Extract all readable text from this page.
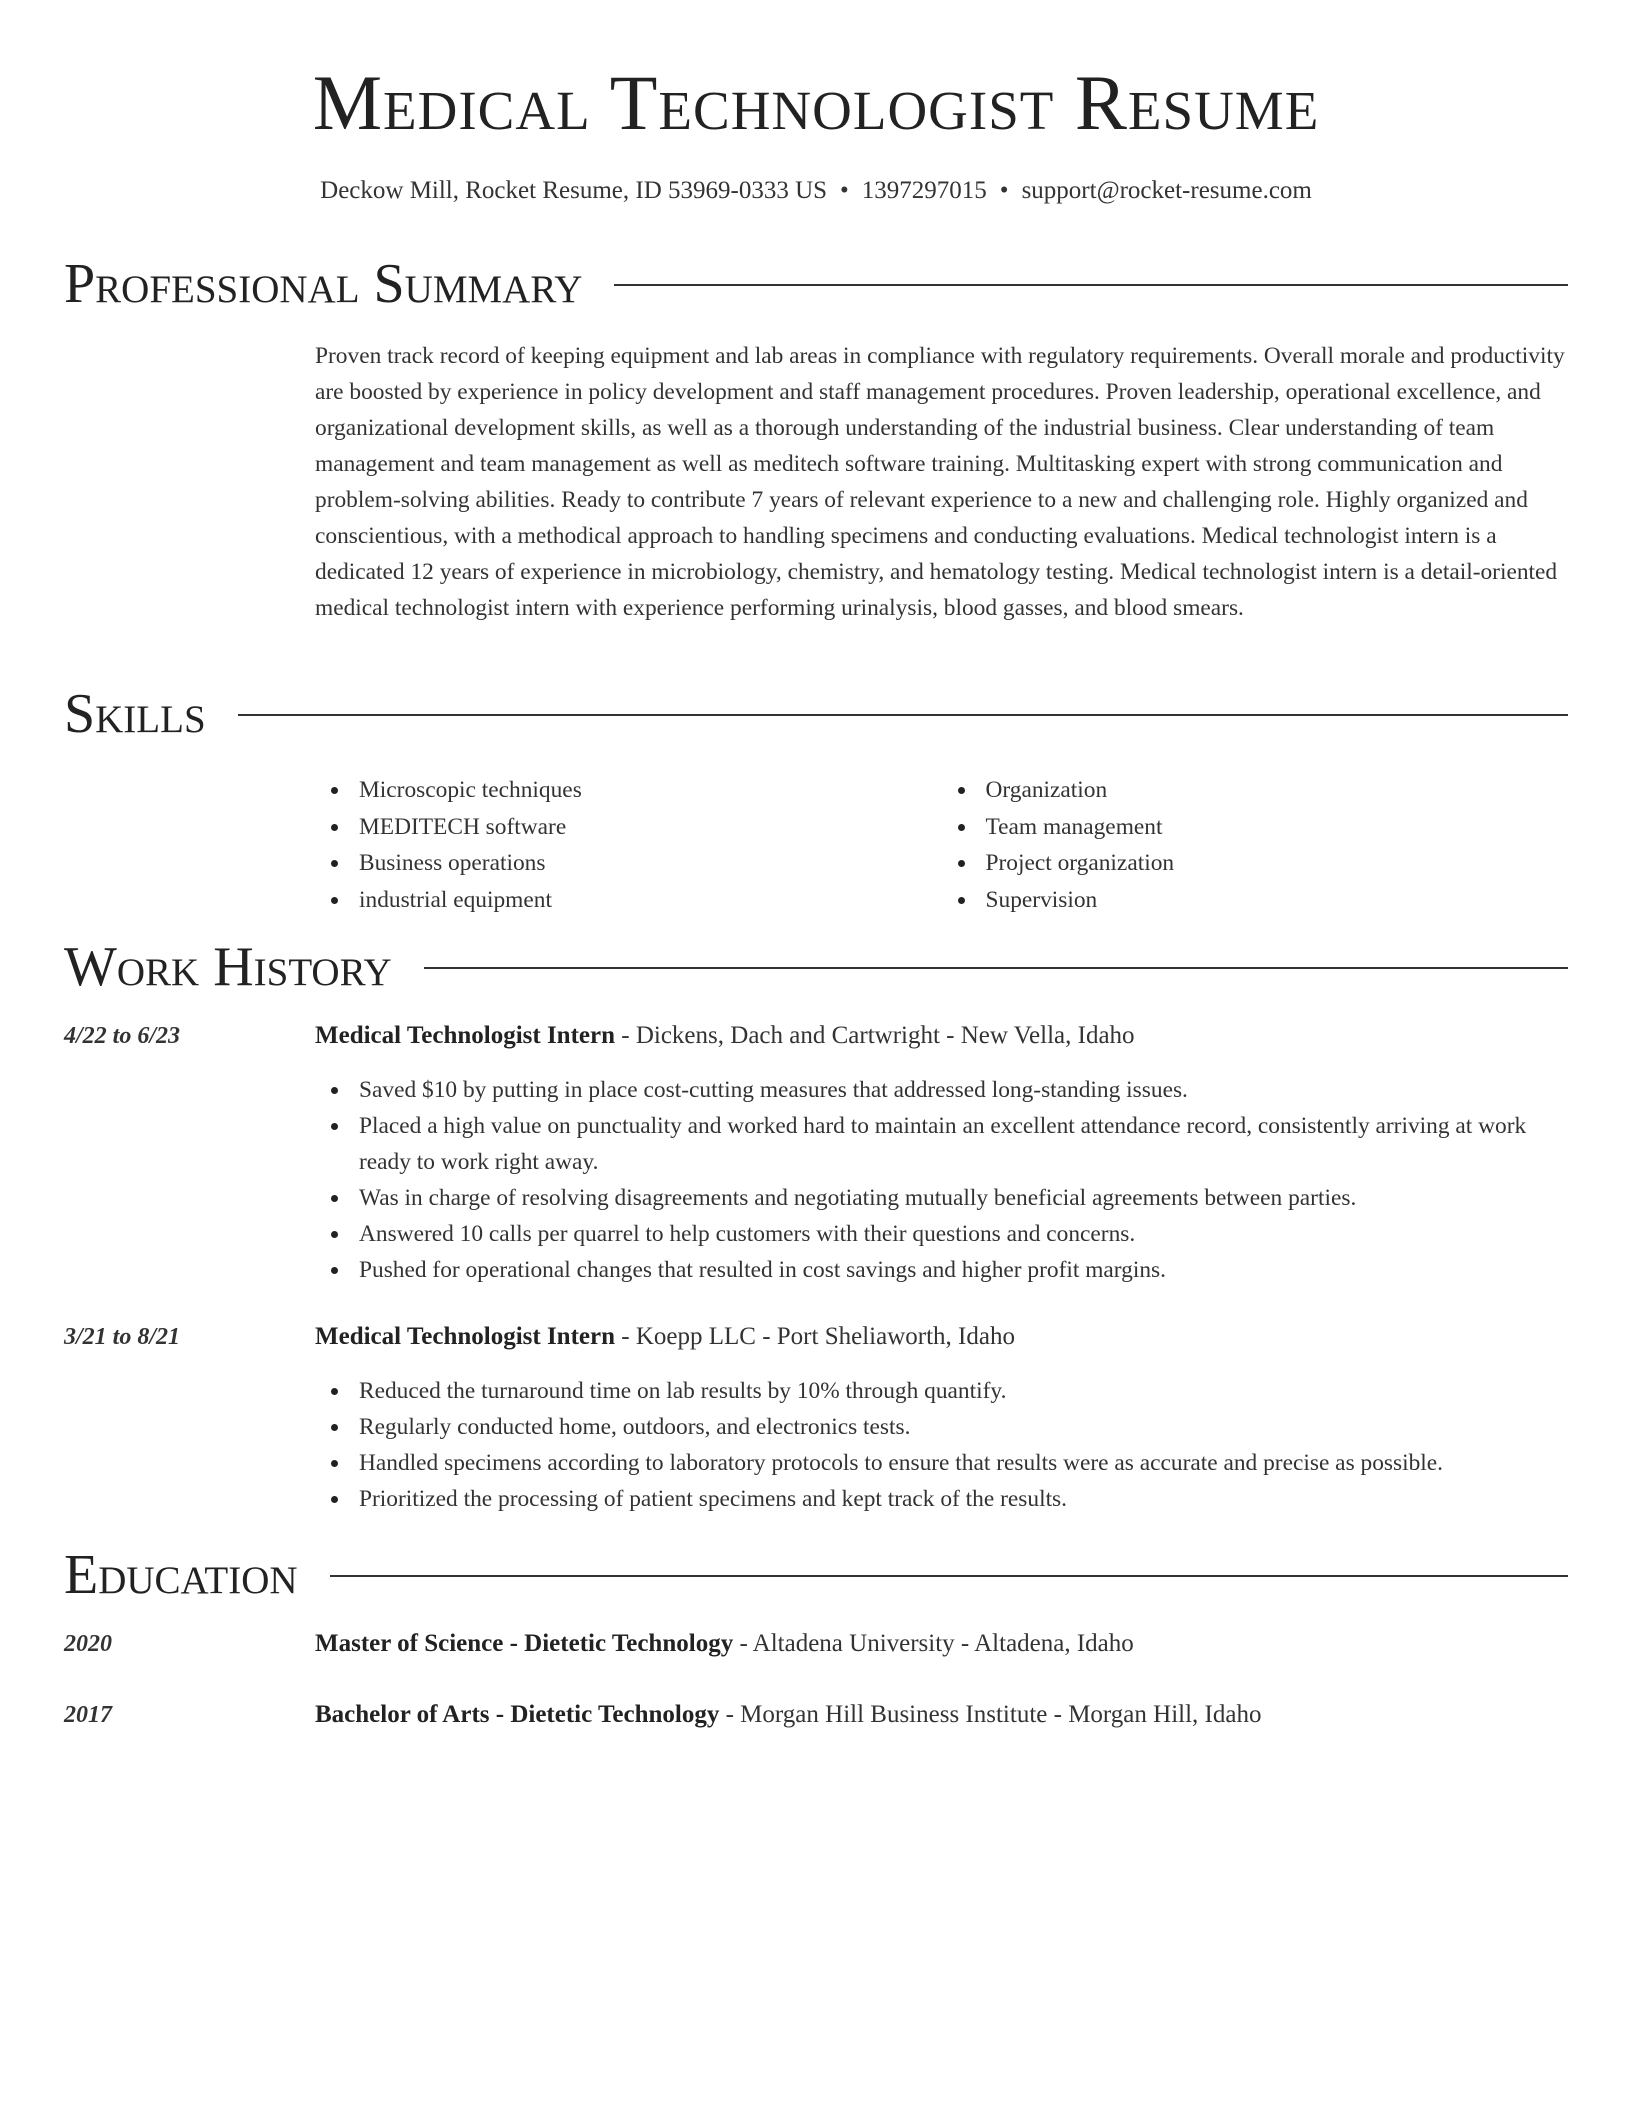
Medical Technologist Resume
Deckow Mill, Rocket Resume, ID 53969-0333 US • 1397297015 • support@rocket-resume.com
Professional Summary
Proven track record of keeping equipment and lab areas in compliance with regulatory requirements. Overall morale and productivity are boosted by experience in policy development and staff management procedures. Proven leadership, operational excellence, and organizational development skills, as well as a thorough understanding of the industrial business. Clear understanding of team management and team management as well as meditech software training. Multitasking expert with strong communication and problem-solving abilities. Ready to contribute 7 years of relevant experience to a new and challenging role. Highly organized and conscientious, with a methodical approach to handling specimens and conducting evaluations. Medical technologist intern is a dedicated 12 years of experience in microbiology, chemistry, and hematology testing. Medical technologist intern is a detail-oriented medical technologist intern with experience performing urinalysis, blood gasses, and blood smears.
Skills
Microscopic techniques
MEDITECH software
Business operations
industrial equipment
Organization
Team management
Project organization
Supervision
Work History
4/22 to 6/23	Medical Technologist Intern - Dickens, Dach and Cartwright - New Vella, Idaho
Saved $10 by putting in place cost-cutting measures that addressed long-standing issues.
Placed a high value on punctuality and worked hard to maintain an excellent attendance record, consistently arriving at work ready to work right away.
Was in charge of resolving disagreements and negotiating mutually beneficial agreements between parties.
Answered 10 calls per quarrel to help customers with their questions and concerns.
Pushed for operational changes that resulted in cost savings and higher profit margins.
3/21 to 8/21	Medical Technologist Intern - Koepp LLC - Port Sheliaworth, Idaho
Reduced the turnaround time on lab results by 10% through quantify.
Regularly conducted home, outdoors, and electronics tests.
Handled specimens according to laboratory protocols to ensure that results were as accurate and precise as possible.
Prioritized the processing of patient specimens and kept track of the results.
Education
2020	Master of Science - Dietetic Technology - Altadena University - Altadena, Idaho
2017	Bachelor of Arts - Dietetic Technology - Morgan Hill Business Institute - Morgan Hill, Idaho
